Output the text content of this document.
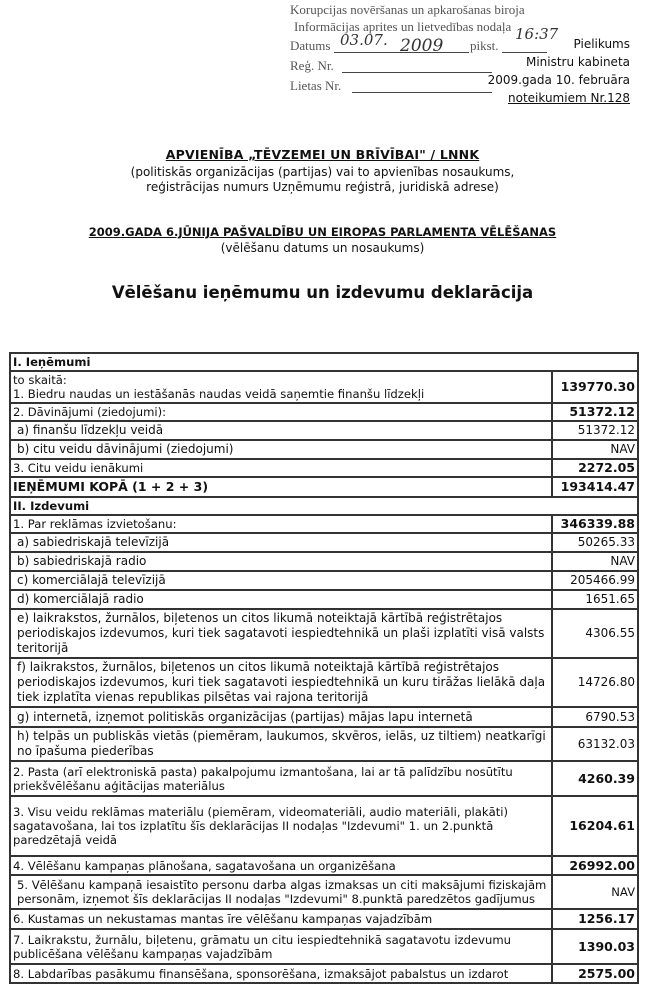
Korupcijas novēršanas un apkarošanas biroja
Informācijas aprites un lietvedības nodaļa
Datums	pikst.
Reģ. Nr.
Lietas Nr.
03.07. 2009
16:37
Pielikums
Ministru kabineta
2009.gada 10. februāra
noteikumiem Nr.128
APVIENĪBA „TĒVZEMEI UN BRĪVĪBAI" / LNNK
(politiskās organizācijas (partijas) vai to apvienības nosaukums,
reģistrācijas numurs Uzņēmumu reģistrā, juridiskā adrese)
2009.GADA 6.JŪNIJA PAŠVALDĪBU UN EIROPAS PARLAMENTA VĒLĒŠANAS
(vēlēšanu datums un nosaukums)
Vēlēšanu ieņēmumu un izdevumu deklarācija
I. Ieņēmumi	
to skaitā:
1. Biedru naudas un iestāšanās naudas veidā saņemtie finanšu līdzekļi	139770.30
2. Dāvinājumi (ziedojumi):	51372.12
a) finanšu līdzekļu veidā	51372.12
b) citu veidu dāvinājumi (ziedojumi)	NAV
3. Citu veidu ienākumi	2272.05
IEŅĒMUMI KOPĀ (1 + 2 + 3)	193414.47
II. Izdevumi	
1. Par reklāmas izvietošanu:	346339.88
a) sabiedriskajā televīzijā	50265.33
b) sabiedriskajā radio	NAV
c) komerciālajā televīzijā	205466.99
d) komerciālajā radio	1651.65
e) laikrakstos, žurnālos, biļetenos un citos likumā noteiktajā kārtībā reģistrētajos periodiskajos izdevumos, kuri tiek sagatavoti iespiedtehnikā un plaši izplatīti visā valsts teritorijā	4306.55
f) laikrakstos, žurnālos, biļetenos un citos likumā noteiktajā kārtībā reģistrētajos periodiskajos izdevumos, kuri tiek sagatavoti iespiedtehnikā un kuru tirāžas lielākā daļa tiek izplatīta vienas republikas pilsētas vai rajona teritorijā	14726.80
g) internetā, izņemot politiskās organizācijas (partijas) mājas lapu internetā	6790.53
h) telpās un publiskās vietās (piemēram, laukumos, skvēros, ielās, uz tiltiem) neatkarīgi no īpašuma piederības	63132.03
2. Pasta (arī elektroniskā pasta) pakalpojumu izmantošana, lai ar tā palīdzību nosūtītu priekšvēlēšanu aģitācijas materiālus	4260.39
3. Visu veidu reklāmas materiālu (piemēram, videomateriāli, audio materiāli, plakāti) sagatavošana, lai tos izplatītu šīs deklarācijas II nodaļas "Izdevumi" 1. un 2.punktā paredzētajā veidā	16204.61
4. Vēlēšanu kampaņas plānošana, sagatavošana un organizēšana	26992.00
5. Vēlēšanu kampaņā iesaistīto personu darba algas izmaksas un citi maksājumi fiziskajām personām, izņemot šīs deklarācijas II nodaļas "Izdevumi" 8.punktā paredzētos gadījumus	NAV
6. Kustamas un nekustamas mantas īre vēlēšanu kampaņas vajadzībām	1256.17
7. Laikrakstu, žurnālu, biļetenu, grāmatu un citu iespiedtehnikā sagatavotu izdevumu publicēšana vēlēšanu kampaņas vajadzībām	1390.03
8. Labdarības pasākumu finansēšana, sponsorēšana, izmaksājot pabalstus un izdarot	2575.00
